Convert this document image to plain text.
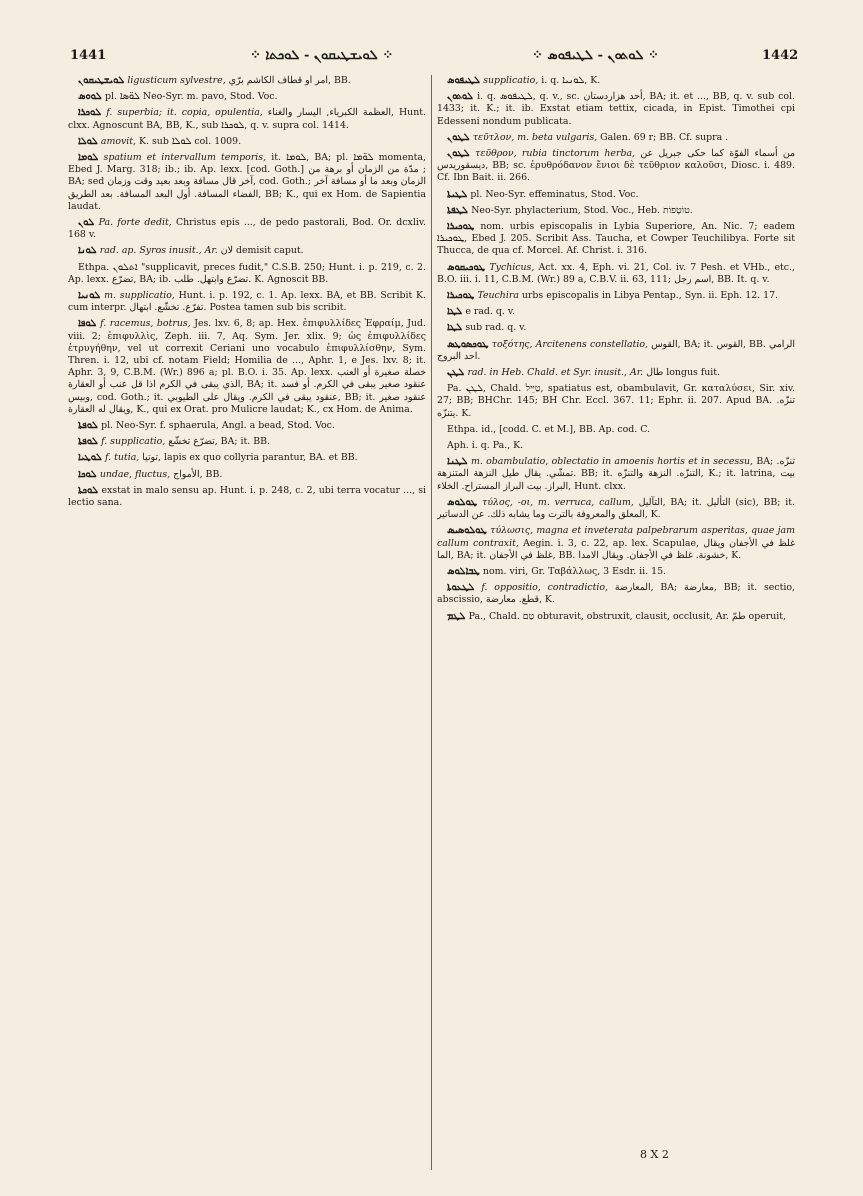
1441	⁘ ܠܘܝܫܛܝܩܘܢ - ܠܘܟܬܐ ⁘	⁘ ܠܘܬܘܢ - ܠܛܝܦܘܣ ⁘	1442

ܠܘܝܫܛܝܩܘܢ ligusticum sylvestre, أمر أو قطاف الكاشم برّي, BB.

ܠܘܘܣ pl. ܠܘ̈ܣܐ Neo-Syr. m. pavo, Stod. Voc.

ܠܘܟܪܐ f. superbia; it. copia, opulentia, العظمة الكبرياء, اليسار والغناء, Hunt. clxx. Agnoscunt BA, BB, K., sub ܠܘܟܪܐ, q. v. supra col. 1414.

ܠܘܠܐ amovit, K. sub ܠܘܠܐ col. 1009.

ܠܘܡܐ spatium et intervallum temporis, it. ܠܘܡܐ, BA; pl. ܠܘ̈ܡܐ momenta, Ebed J. Marg. 318; ib.; ib. Ap. lexx. [cod. Goth.] مدّة من الزمان أو برهة من ; BA; sed آخر قال مسافة وبعد بعيد وقت وزمان, cod. Goth.; الزمان وبعد ما أو مسافة آخر الفضاء المسافة. أول البعد المسافة. بعد الطريق, BB; K., qui ex Hom. de Sapientia laudat.

ܠܘܢ Pa. forte dedit, Christus epis ..., de pedo pastorali, Bod. Or. dcxliv. 168 v.

ܠܘܢܐ rad. ap. Syros inusit., Ar. لان demisit caput.

Ethpa. ܐܬܠܘܢ "supplicavit, preces fudit," C.S.B. 250; Hunt. i. p. 219, c. 2. Ap. lexx. تضرّع, BA; ib. تضرّع وابتهل. طلب. K. Agnoscit BB.

ܠܘܢܝܐ m. supplicatio, Hunt. i. p. 192, c. 1. Ap. lexx. BA, et BB. Scribit K. cum interpr. تفرّع. تخشّع. ابتهال. Postea tamen sub bis scribit.

ܠܘܦܐ f. racemus, botrus, Jes. lxv. 6, 8; ap. Hex. ἐπιφυλλίδες Ἐφραίμ, Jud. viii. 2; ἐπιφυλλὶς, Zeph. iii. 7, Aq. Sym. Jer. xlix. 9; ὡς ἐπιφυλλίδες ἐτρυγήθην, vel ut correxit Ceriani uno vocabulo ἐπιφυλλίσθην, Sym. Thren. i. 12, ubi cf. notam Field; Homilia de ..., Aphr. 1, e Jes. lxv. 8; it. Aphr. 3, 9, C.B.M. (Wr.) 896 a; pl. B.O. i. 35. Ap. lexx. خصلة صغيرة أو العنب الذي يبقى في الكرم اذا قل عنب أو العقارة, BA; it. عنقود صغير يبقى في الكرم. أو فسد وبيس, cod. Goth.; it. عنقود يبقى في الكرم. ويقال على الطيوبي, BB; it. عنقود صغير ويقال له العقارة, K., qui ex Orat. pro Mulicre laudat; K., cx Hom. de Anima.

ܠܘܦܬܐ pl. Neo-Syr. f. sphaerula, Angl. a bead, Stod. Voc.

ܠܘܦܬܐ f. supplicatio, تضرّع تخشّع, BA; it. BB.

ܠܘܛܝܐ f. tutia, توتيا, lapis ex quo collyria parantur, BA. et BB.

ܠܘܟܐ undae, fluctus, الأمواج, BB.

ܠܘܟܬܐ exstat in malo sensu ap. Hunt. i. p. 248, c. 2, ubi terra vocatur ..., si lectio sana.

ܠܛܝܦܘܣ supplicatio, i. q. ܠܘܢܝܐ, K.

ܠܘܬܘܢ i. q. ܠܛܝܦܘܣ, q. v., sc. أحد هزاردستان, BA; it. et ..., BB, q. v. sub col. 1433; it. K.; it. ib. Exstat etiam tettix, cicada, in Epist. Timothei cpi Edesseni nondum publicata.

ܠܛܘܢ τεῦτλον, m. beta vulgaris, Galen. 69 r; BB. Cf. supra .

ܠܛܘܢ τεῦθρον, rubia tinctorum herba, من أسماء الفوّة كما حكى جبريل عن ديسقوريدس, BB; sc. ἐρυθρόδανον ἔνιοι δὲ τεῦθριον καλοῦσι, Diosc. i. 489. Cf. Ibn Bait. ii. 266.

ܠܛܝܬܐ pl. Neo-Syr. effeminatus, Stod. Voc.

ܠܛܦܬܐ Neo-Syr. phylacterium, Stod. Voc., Heb. טוֹטָפוֹת.

ܛܘܟܝܪܐ nom. urbis episcopalis in Lybia Superiore, An. Nic. 7; eadem ܛܘܟܝܪܐ, Ebed J. 205. Scribit Ass. Taucha, et Cowper Teuchilibya. Forte sit Thucca, de qua cf. Morcel. Af. Christ. i. 316.

ܛܘܟܝܩܘܣ Tychicus, Act. xx. 4, Eph. vi. 21, Col. iv. 7 Pesh. et VHb., etc., B.O. iii. i. 11, C.B.M. (Wr.) 89 a, C.B.V. ii. 63, 111; اسم رجل, BB. It. q. v.

ܛܘܟܝܪܐ Teuchira urbs episcopalis in Libya Pentap., Syn. ii. Eph. 12. 17.

ܠܛܐ e rad. q. v.

ܠܛܐ sub rad. q. v.

ܛܘܟܣܘܛܣ τοξότης, Arcitenens constellatio, القوس, BA; it. القوس, BB. الرامي احد البروج.

ܠܛܢ rad. in Heb. Chald. et Syr. inusit., Ar. طال longus fuit.

Pa. ܠܛܢ, Chald. טַיֵּיל, spatiatus est, obambulavit, Gr. καταλύσει, Sir. xiv. 27; BB; BHChr. 145; BH Chr. Eccl. 367. 11; Ephr. ii. 207. Apud BA. تنزّه. يتنزّه. K.

Ethpa. id., [codd. C. et M.], BB. Ap. cod. C.

Aph. i. q. Pa., K.

ܠܛܢܐ m. obambulatio, oblectatio in amoenis hortis et in secessu, BA; تنزّه. تمشّي. يقال طيل النزهة المتنزهة. BB; it. التنزّه. النزهة والتنزّه, K.; it. latrina, بيت البراز. بيت البراز المستراح. الخلاء, Hunt. clxx.

ܛܘܠܘܣ τύλος, -οι, m. verruca, callum, التآليل, BA; it. التأليل (sic), BB; it. المعلق والمعروفة بالترت وما يشابه ذلك. عن الدساتير, K.

ܛܘܠܘܣܝܣ τύλωσις, magna et inveterata palpebrarum asperitas, quae jam callum contraxit, Aegin. i. 3, c. 22, ap. lex. Scapulae, غلظ في الأجفان ويقال الما, BA; it. غلظ في الأجفان, BB. خشونة. غلظ في الأجفان. ويقال الامدا, K.

ܛܒܐܠܘܣ nom. viri, Gr. Ταβάλλως, 3 Esdr. ii. 15.

ܠܛܥܘܬܐ f. oppositio, contradictio, المعارضة, BA; معارضة, BB; it. sectio, abscissio, قطع. معارضة, K.

ܠܛܡ Pa., Chald. טַם obturavit, obstruxit, clausit, occlusit, Ar. طمّ operuit,

8 X 2
